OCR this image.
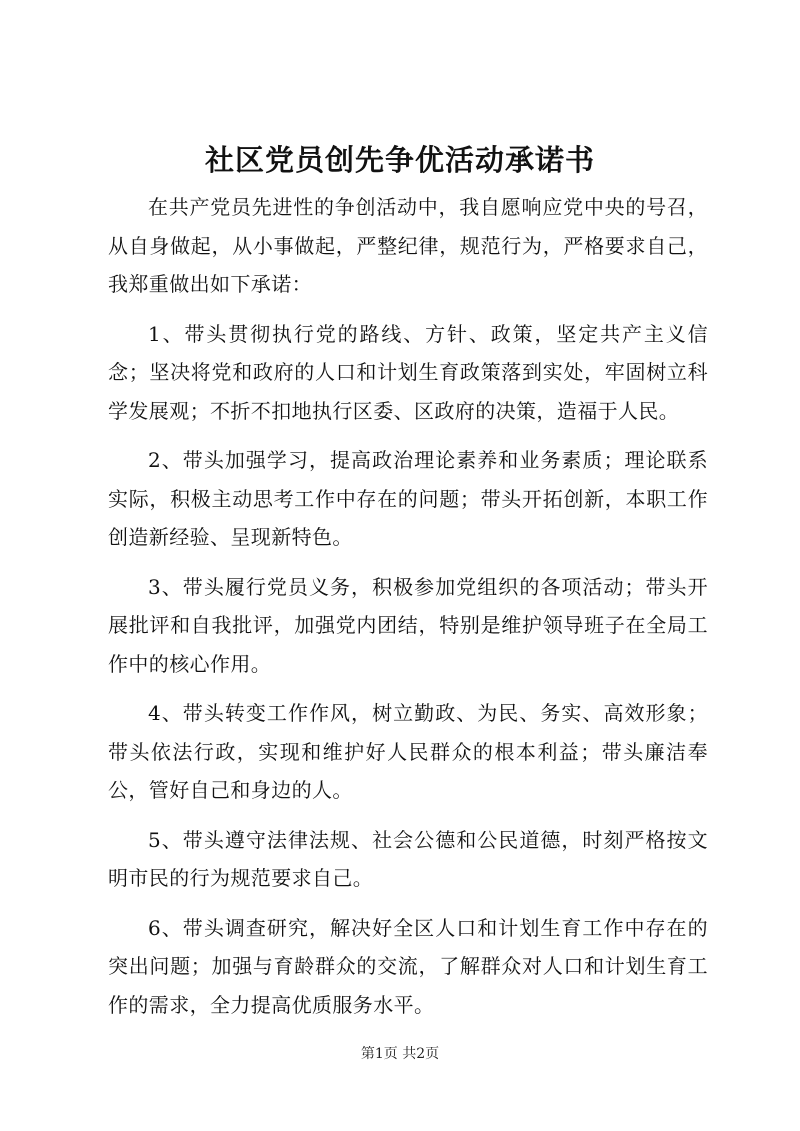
社区党员创先争优活动承诺书

在共产党员先进性的争创活动中，我自愿响应党中央的号召，从自身做起，从小事做起，严整纪律，规范行为，严格要求自己，我郑重做出如下承诺：

1、带头贯彻执行党的路线、方针、政策，坚定共产主义信念；坚决将党和政府的人口和计划生育政策落到实处，牢固树立科学发展观；不折不扣地执行区委、区政府的决策，造福于人民。

2、带头加强学习，提高政治理论素养和业务素质；理论联系实际，积极主动思考工作中存在的问题；带头开拓创新，本职工作创造新经验、呈现新特色。

3、带头履行党员义务，积极参加党组织的各项活动；带头开展批评和自我批评，加强党内团结，特别是维护领导班子在全局工作中的核心作用。

4、带头转变工作作风，树立勤政、为民、务实、高效形象；带头依法行政，实现和维护好人民群众的根本利益；带头廉洁奉公，管好自己和身边的人。

5、带头遵守法律法规、社会公德和公民道德，时刻严格按文明市民的行为规范要求自己。

6、带头调查研究，解决好全区人口和计划生育工作中存在的突出问题；加强与育龄群众的交流，了解群众对人口和计划生育工作的需求，全力提高优质服务水平。

第1页 共2页
